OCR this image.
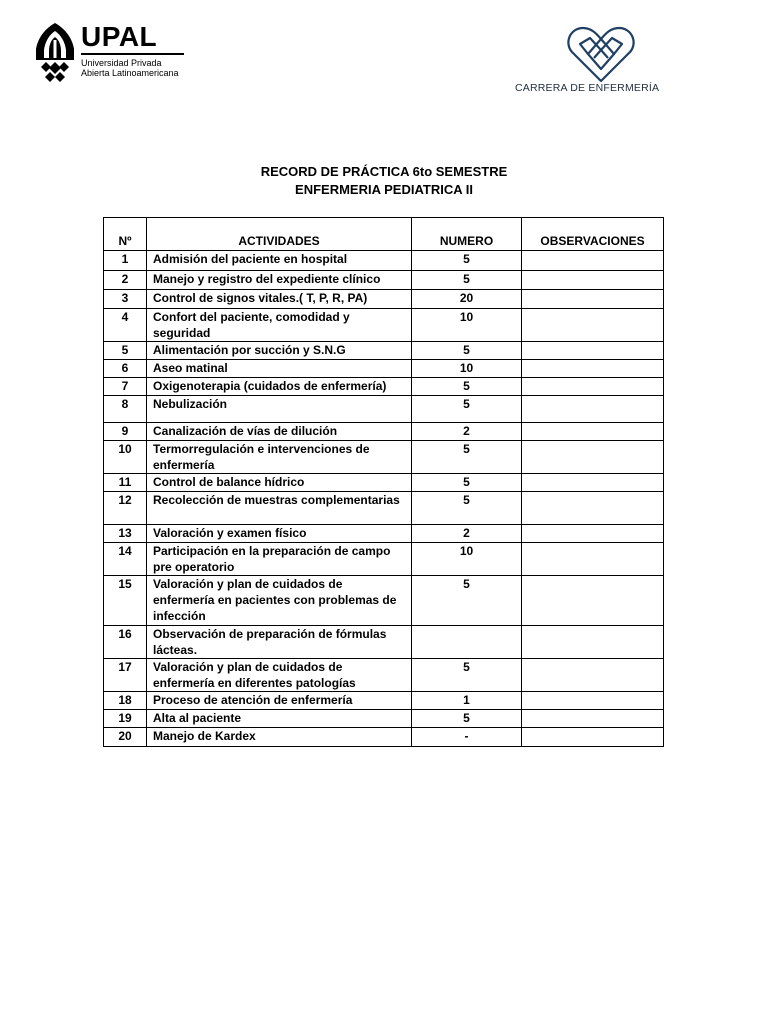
UPAL
Universidad Privada
Abierta Latinoamericana
CARRERA DE ENFERMERÍA
RECORD DE PRÁCTICA 6to SEMESTRE
ENFERMERIA PEDIATRICA II
Nº	ACTIVIDADES	NUMERO	OBSERVACIONES
1	Admisión del paciente en hospital	5	
2	Manejo y registro del expediente clínico	5	
3	Control de signos vitales.( T, P, R, PA)	20	
4	Confort del paciente, comodidad y seguridad	10	
5	Alimentación por succión y S.N.G	5	
6	Aseo matinal	10	
7	Oxigenoterapia (cuidados de enfermería)	5	
8	Nebulización	5	
9	Canalización de vías de dilución	2	
10	Termorregulación e intervenciones de enfermería	5	
11	Control de balance hídrico	5	
12	Recolección de muestras complementarias	5	
13	Valoración y examen físico	2	
14	Participación en la preparación de campo pre operatorio	10	
15	Valoración y plan de cuidados de enfermería en pacientes con problemas de infección	5	
16	Observación de preparación de fórmulas lácteas.		
17	Valoración y plan de cuidados de enfermería en diferentes patologías	5	
18	Proceso de atención de enfermería	1	
19	Alta al paciente	5	
20	Manejo de Kardex	-	
